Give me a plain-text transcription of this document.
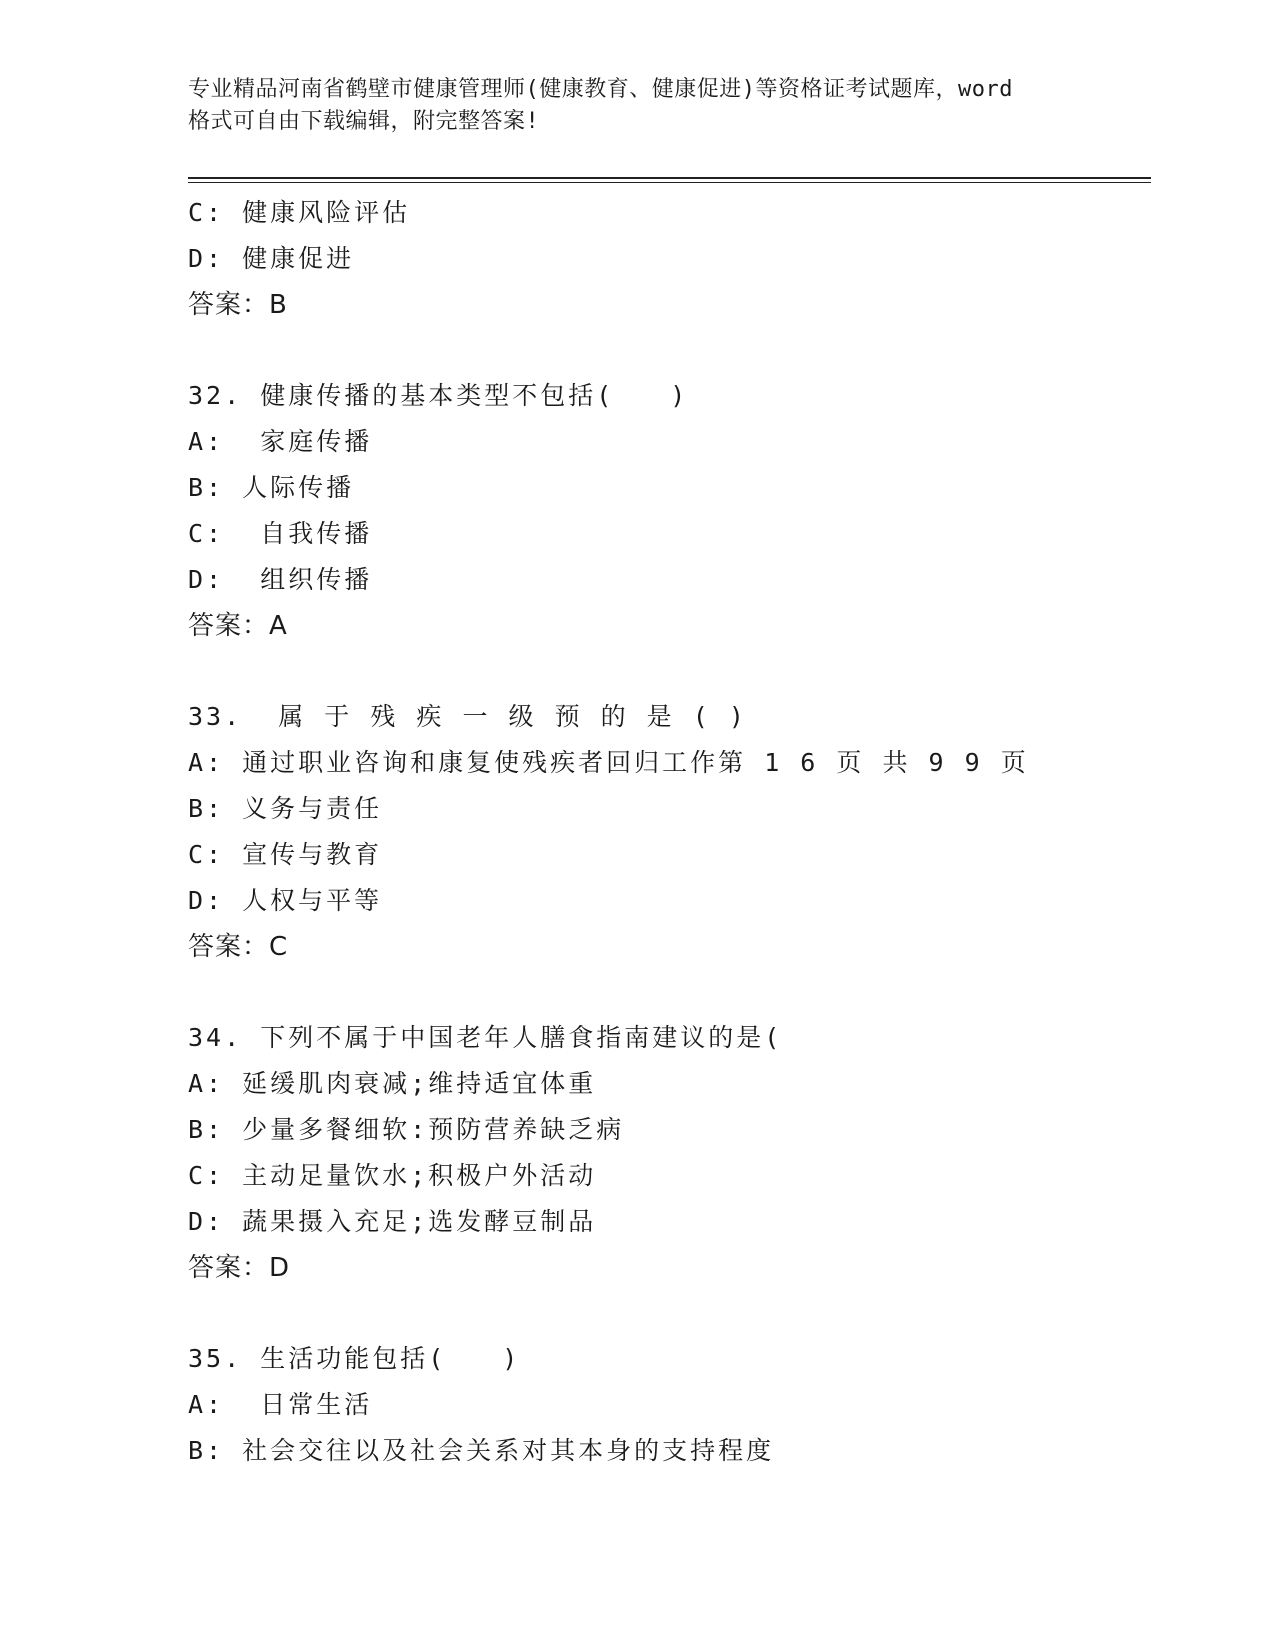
专业精品河南省鹤壁市健康管理师(健康教育、健康促进)等资格证考试题库，word
格式可自由下载编辑，附完整答案!
C: 健康风险评估
D: 健康促进
答案：B
32. 健康传播的基本类型不包括(　　)
A:  家庭传播
B: 人际传播
C:  自我传播
D:  组织传播
答案：A
33.  属 于 残 疾 一 级 预 的 是 ( )
A: 通过职业咨询和康复使残疾者回归工作第 1 6 页 共 9 9 页
B: 义务与责任
C: 宣传与教育
D: 人权与平等
答案：C
34. 下列不属于中国老年人膳食指南建议的是(
A: 延缓肌肉衰减;维持适宜体重
B: 少量多餐细软:预防营养缺乏病
C: 主动足量饮水;积极户外活动
D: 蔬果摄入充足;选发酵豆制品
答案：D
35. 生活功能包括(　　)
A:  日常生活
B: 社会交往以及社会关系对其本身的支持程度
